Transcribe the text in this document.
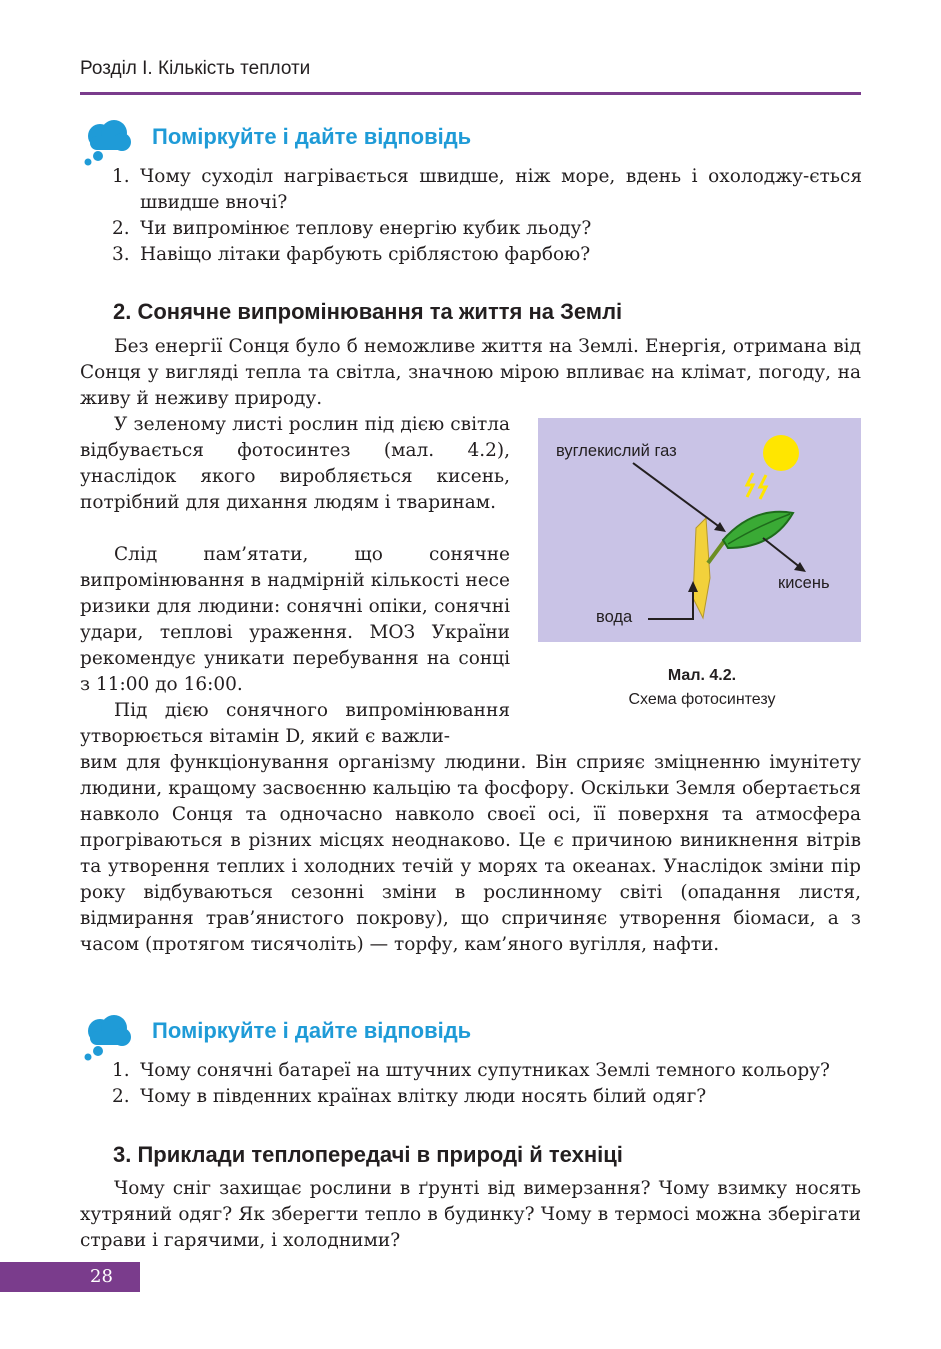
Розділ І. Кількість теплоти
Поміркуйте і дайте відповідь
1. Чому суходіл нагрівається швидше, ніж море, вдень і охолоджу-ється швидше вночі?
2. Чи випромінює теплову енергію кубик льоду?
3. Навіщо літаки фарбують сріблястою фарбою?
2. Сонячне випромінювання та життя на Землі

Без енергії Сонця було б неможливе життя на Землі. Енергія, отримана від Сонця у вигляді тепла та світла, значною мірою впливає на клімат, погоду, на живу й неживу природу.

У зеленому листі рослин під дією світла відбувається фотосинтез (мал. 4.2), унаслідок якого виробляється кисень, потрібний для дихання людям і тваринам.

Слід пам’ятати, що сонячне випромінювання в надмірній кількості несе ризики для людини: сонячні опіки, сонячні удари, теплові ураження. МОЗ України рекомендує уникати перебування на сонці з 11:00 до 16:00.

Під дією сонячного випромінювання утворюється вітамін D, який є важли-

вим для функціонування організму людини. Він сприяє зміцненню імунітету людини, кращому засвоєнню кальцію та фосфору. Оскільки Земля обертається навколо Сонця та одночасно навколо своєї осі, її поверхня та атмосфера прогріваються в різних місцях неоднаково. Це є причиною виникнення вітрів та утворення теплих і холодних течій у морях та океанах. Унаслідок зміни пір року відбуваються сезонні зміни в рослинному світі (опадання листя, відмирання трав’янистого покрову), що спричиняє утворення біомаси, а з часом (протягом тисячоліть) — торфу, кам’яного вугілля, нафти.

вуглекислий газ
кисень
вода
Мал. 4.2.
Схема фотосинтезу
Поміркуйте і дайте відповідь
1. Чому сонячні батареї на штучних супутниках Землі темного кольору?
2. Чому в південних країнах влітку люди носять білий одяг?
3. Приклади теплопередачі в природі й техніці

Чому сніг захищає рослини в ґрунті від вимерзання? Чому взимку носять хутряний одяг? Як зберегти тепло в будинку? Чому в термосі можна зберігати страви і гарячими, і холодними?

28
